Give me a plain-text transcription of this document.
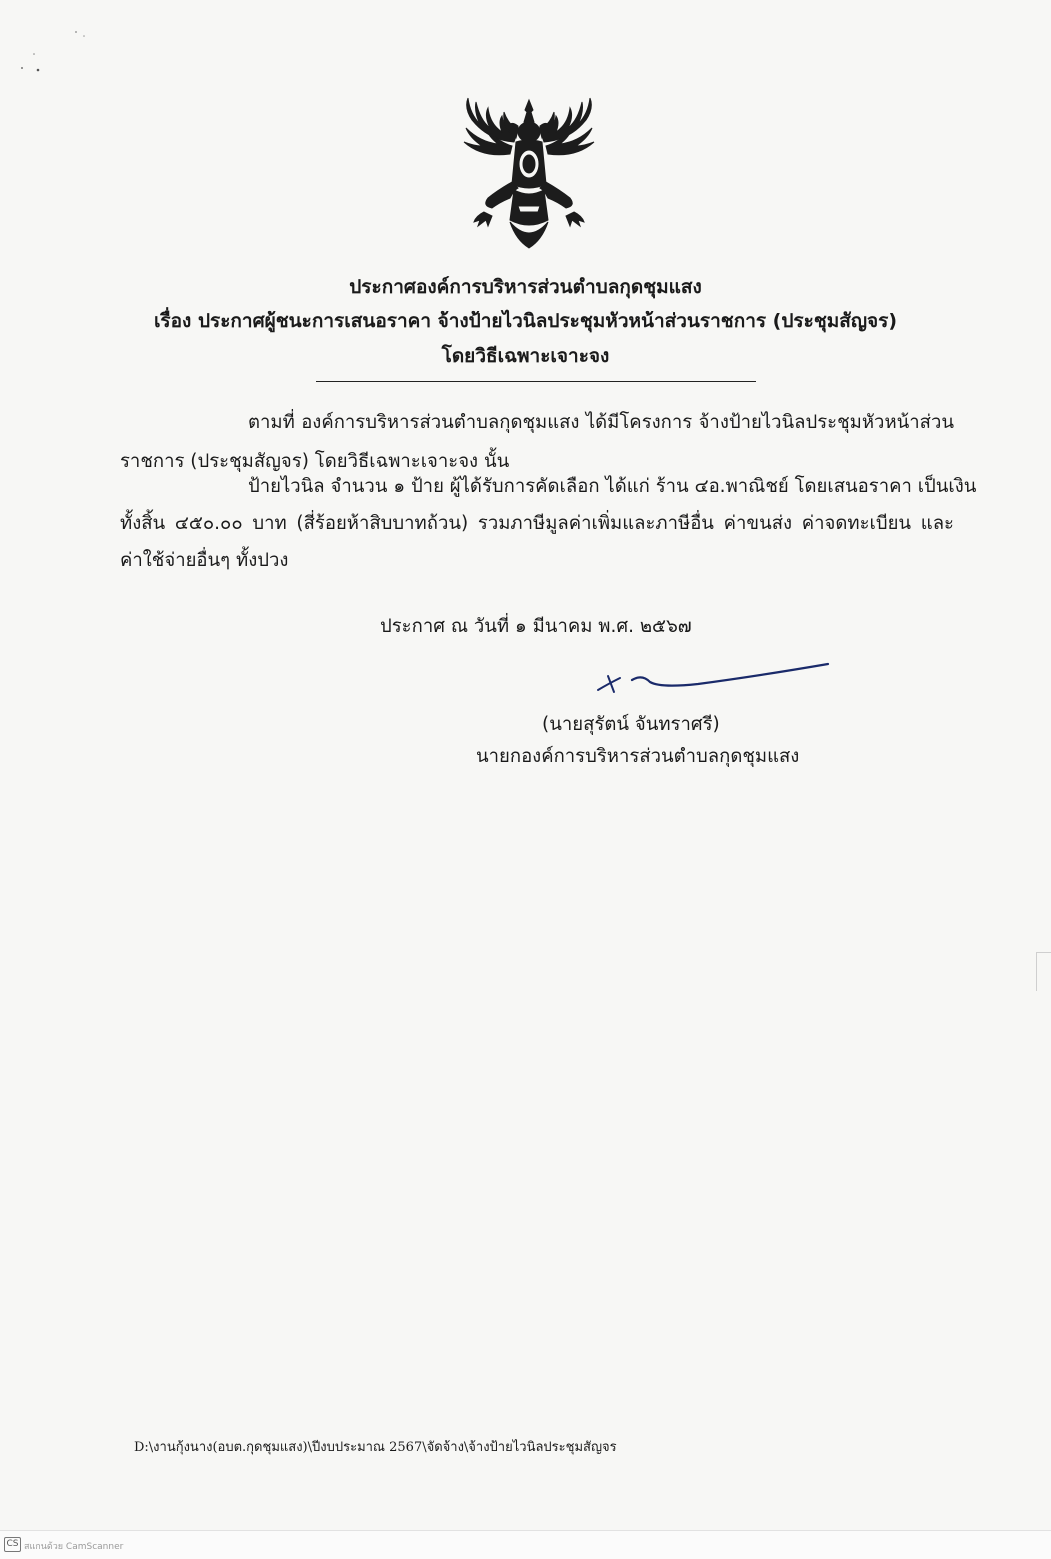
ประกาศองค์การบริหารส่วนตำบลกุดชุมแสง
เรื่อง ประกาศผู้ชนะการเสนอราคา จ้างป้ายไวนิลประชุมหัวหน้าส่วนราชการ (ประชุมสัญจร)
โดยวิธีเฉพาะเจาะจง
ตามที่ องค์การบริหารส่วนตำบลกุดชุมแสง ได้มีโครงการ จ้างป้ายไวนิลประชุมหัวหน้าส่วน
ราชการ (ประชุมสัญจร) โดยวิธีเฉพาะเจาะจง นั้น
ป้ายไวนิล จำนวน ๑ ป้าย ผู้ได้รับการคัดเลือก ได้แก่ ร้าน ๔อ.พาณิชย์ โดยเสนอราคา เป็นเงิน
ทั้งสิ้น ๔๕๐.๐๐ บาท (สี่ร้อยห้าสิบบาทถ้วน) รวมภาษีมูลค่าเพิ่มและภาษีอื่น ค่าขนส่ง ค่าจดทะเบียน และ
ค่าใช้จ่ายอื่นๆ ทั้งปวง
ประกาศ ณ วันที่ ๑ มีนาคม พ.ศ. ๒๕๖๗
(นายสุรัตน์ จันทราศรี)
นายกองค์การบริหารส่วนตำบลกุดชุมแสง
D:\งานกุ้งนาง(อบต.กุดชุมแสง)\ปีงบประมาณ 2567\จัดจ้าง\จ้างป้ายไวนิลประชุมสัญจร
CS สแกนด้วย CamScanner
